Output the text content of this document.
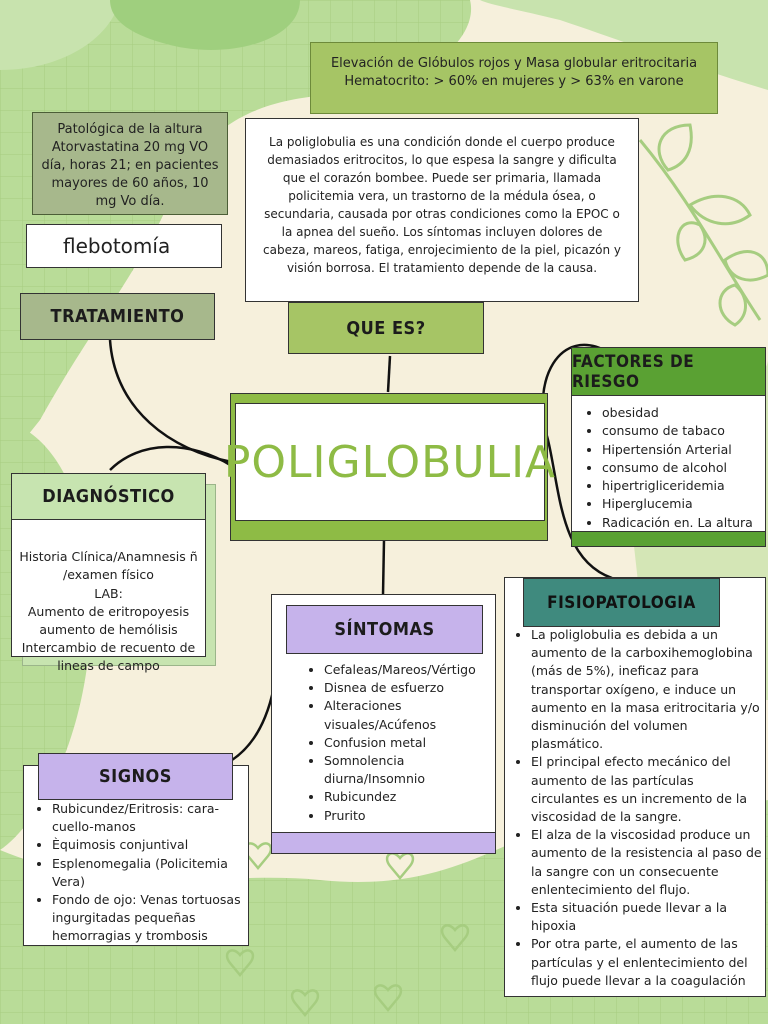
Elevación de Glóbulos rojos y Masa globular eritrocitaria
Hematocrito: > 60% en mujeres y > 63% en varone
Patológica de la altura Atorvastatina 20 mg VO día, horas 21; en pacientes mayores de 60 años, 10 mg Vo día.
flebotomía
TRATAMIENTO
La poliglobulia es una condición donde el cuerpo produce demasiados eritrocitos, lo que espesa la sangre y dificulta que el corazón bombee. Puede ser primaria, llamada policitemia vera, un trastorno de la médula ósea, o secundaria, causada por otras condiciones como la EPOC o la apnea del sueño. Los síntomas incluyen dolores de cabeza, mareos, fatiga, enrojecimiento de la piel, picazón y visión borrosa. El tratamiento depende de la causa.
QUE ES?
POLIGLOBULIA
FACTORES DE RIESGO
• obesidad
• consumo de tabaco
• Hipertensión Arterial
• consumo de alcohol
• hipertrigliceridemia
• Hiperglucemia
• Radicación en. La altura
DIAGNÓSTICO

Historia Clínica/Anamnesis ñ /examen físico
LAB:
Aumento de eritropoyesis
aumento de hemólisis
Intercambio de recuento de lineas de campo

SÍNTOMAS
• Cefaleas/Mareos/Vértigo
• Disnea de esfuerzo
• Alteraciones visuales/Acúfenos
• Confusion metal
• Somnolencia diurna/Insomnio
• Rubicundez
• Prurito
FISIOPATOLOGIA
• La poliglobulia es debida a un aumento de la carboxihemoglobina (más de 5%), ineficaz para transportar oxígeno, e induce un aumento en la masa eritrocitaria y/o disminución del volumen plasmático.
• El principal efecto mecánico del aumento de las partículas circulantes es un incremento de la viscosidad de la sangre.
• El alza de la viscosidad produce un aumento de la resistencia al paso de la sangre con un consecuente enlentecimiento del flujo.
• Esta situación puede llevar a la hipoxia
• Por otra parte, el aumento de las partículas y el enlentecimiento del flujo puede llevar a la coagulación
• Rubicundez/Eritrosis: cara-cuello-manos
• Èquimosis conjuntival
• Esplenomegalia (Policitemia Vera)
• Fondo de ojo: Venas tortuosas ingurgitadas pequeñas hemorragias y trombosis
SIGNOS
